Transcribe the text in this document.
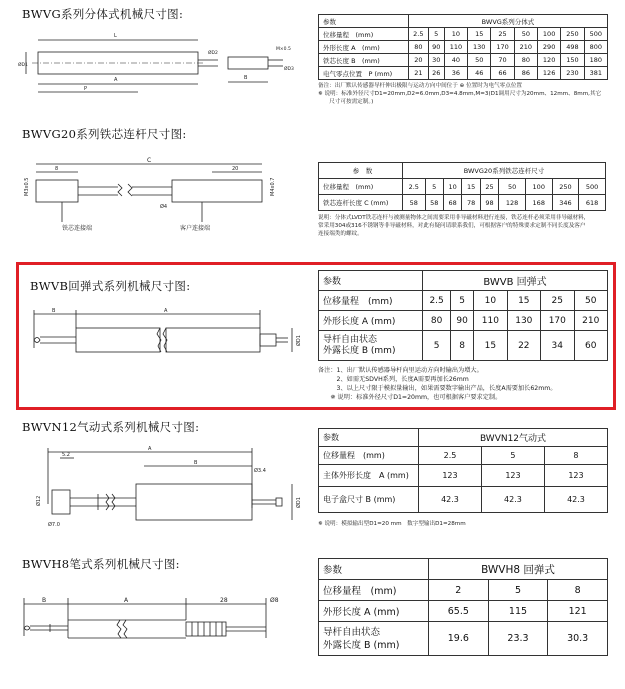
BWVG系列分体式机械尺寸图:
L
A
P
B
M×0.5
ØD1
ØD2
ØD3
参数	BWVG系列分体式								
位移量程　(mm)	2.5	5	10	15	25	50	100	250	500
外形长度 A　(mm)	80	90	110	130	170	210	290	498	800
铁芯长度 B　(mm)	20	30	40	50	70	80	120	150	180
电气零点位置　P (mm)	21	26	36	46	66	86	126	230	381
备注：出厂默认传感器导杆伸出极限与运动方向中间位于 ⊕ 位置时为电气零点位置
✵ 说明：标准外径尺寸D1=20mm,D2=6.0mm,D3=4.8mm,M=3(D1调用尺寸为20mm、12mm、8mm,其它
　　尺寸可按需定制。)
BWVG20系列铁芯连杆尺寸图:
C
8	20
Ø4
M3x0.5	M4x0.7
铁芯连接端	客户连接端
参　数	BWVG20系列铁芯连杆尺寸								
位移量程　(mm)	2.5	5	10	15	25	50	100	250	500
铁芯连杆长度 C (mm)	58	58	68	78	98	128	168	346	618
说明：分体式LVDT铁芯连杆与被测量物体之间需要采用非导磁材料进行连接，铁芯连杆必须采用非导磁材料，
常采用304或316不锈钢等非导磁材料，对此有疑问请联系我们，可根据客户的特殊要求定制不同长度及客户
连接端类的螺纹。
BWVB回弹式系列机械尺寸图:
B	A
ØD1
参数	BWVB 回弹式					
位移量程　(mm)	2.5	5	10	15	25	50
外形长度 A (mm)	80	90	110	130	170	210
导杆自由状态
外露长度 B (mm)	5	8	15	22	34	60
备注：1、出厂默认传感器导杆向里运动方向时输出为增大。
　　　2、如需无SDVH系列，长度A需要再加长26mm
　　　3、以上尺寸限于模拟量输出，如果需要数字输出产品，长度A需要加长62mm。
　　✵ 说明：标准外径尺寸D1=20mm，也可根据客户要求定制。
BWVN12气动式系列机械尺寸图:
A
B
5.2
Ø3.4
ØD1
Ø12
Ø7.0
参数	BWVN12气动式		
位移量程　(mm)	2.5	5	8
主体外形长度　A (mm)	123	123	123
电子盒尺寸 B (mm)	42.3	42.3	42.3
✵ 说明：模拟输出型D1=20 mm　数字型输出D1=28mm
BWVH8笔式系列机械尺寸图:
B	A	28	Ø8
参数	BWVH8 回弹式		
位移量程　(mm)	2	5	8
外形长度 A (mm)	65.5	115	121
导杆自由状态
外露长度 B (mm)	19.6	23.3	30.3
